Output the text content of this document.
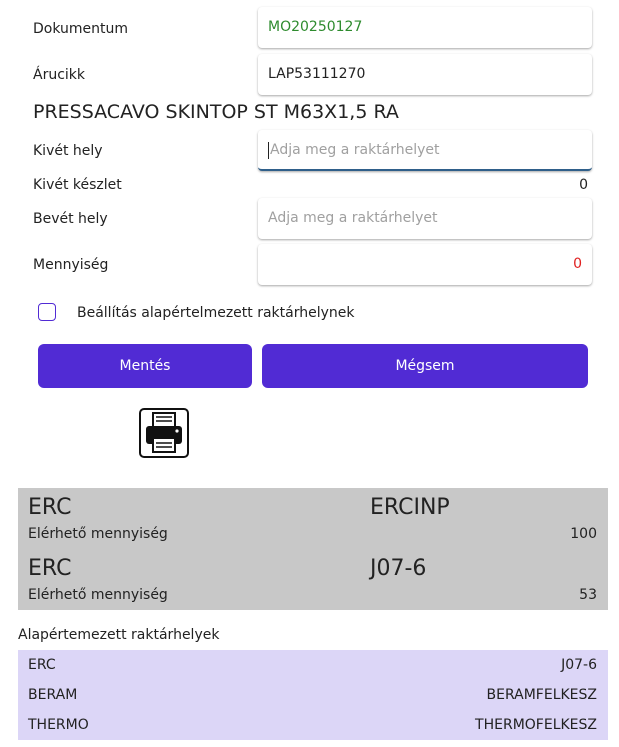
Dokumentum	MO20250127
Árucikk	LAP53111270
PRESSACAVO SKINTOP ST M63X1,5 RA
Kivét hely	Adja meg a raktárhelyet
Kivét készlet	0
Bevét hely	Adja meg a raktárhelyet
Mennyiség	0
Beállítás alapértelmezett raktárhelynek
Mentés	Mégsem
ERC	ERCINP
Elérhető mennyiség	100
ERC	J07-6
Elérhető mennyiség	53
Alapértemezett raktárhelyek
ERC	J07-6
BERAM	BERAMFELKESZ
THERMO	THERMOFELKESZ
